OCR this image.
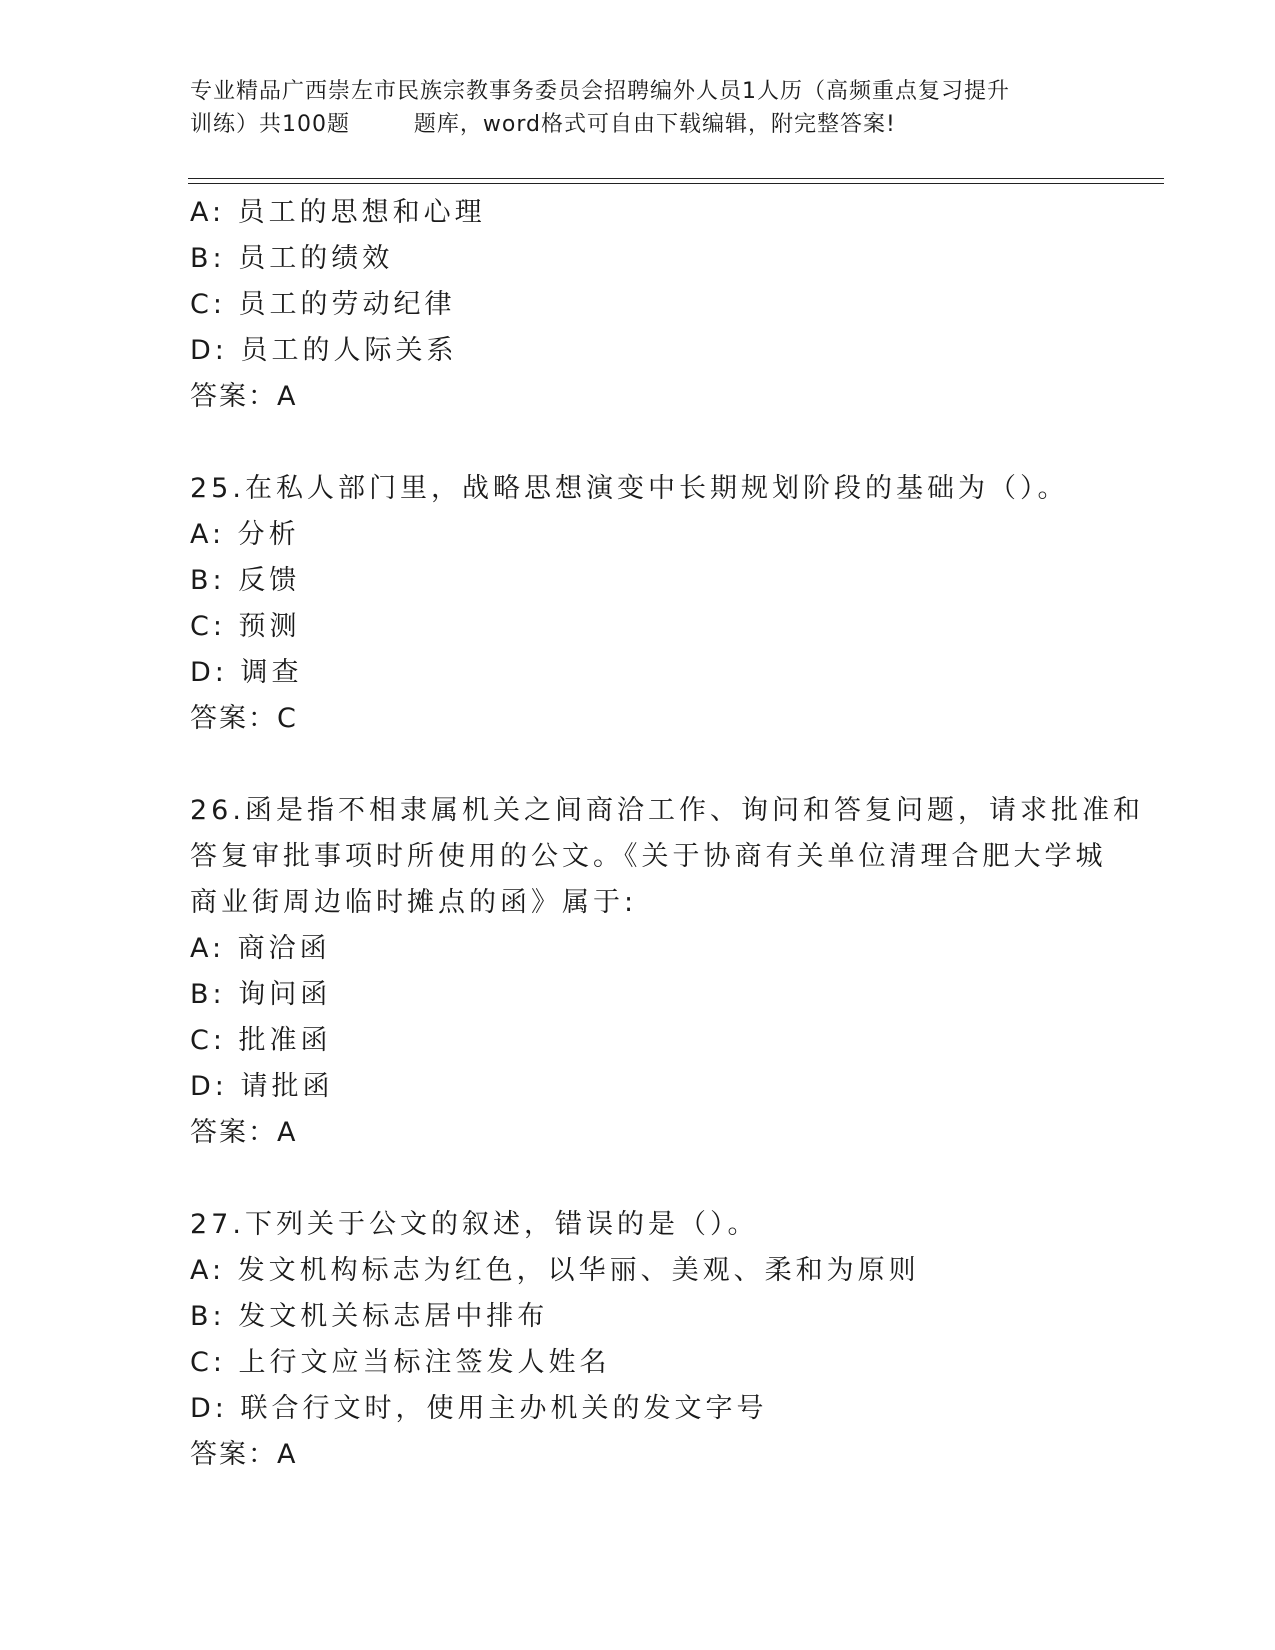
专业精品广西崇左市民族宗教事务委员会招聘编外人员1人历（高频重点复习提升
训练）共100题        题库，word格式可自由下载编辑，附完整答案!
A: 员工的思想和心理
B: 员工的绩效
C: 员工的劳动纪律
D: 员工的人际关系
答案：A
25.在私人部门里，战略思想演变中长期规划阶段的基础为（）。
A: 分析
B: 反馈
C: 预测
D: 调查
答案：C
26.函是指不相隶属机关之间商洽工作、询问和答复问题，请求批准和
答复审批事项时所使用的公文。《关于协商有关单位清理合肥大学城
商业街周边临时摊点的函》属于:
A: 商洽函
B: 询问函
C: 批准函
D: 请批函
答案：A
27.下列关于公文的叙述，错误的是（）。
A: 发文机构标志为红色，以华丽、美观、柔和为原则
B: 发文机关标志居中排布
C: 上行文应当标注签发人姓名
D: 联合行文时，使用主办机关的发文字号
答案：A
